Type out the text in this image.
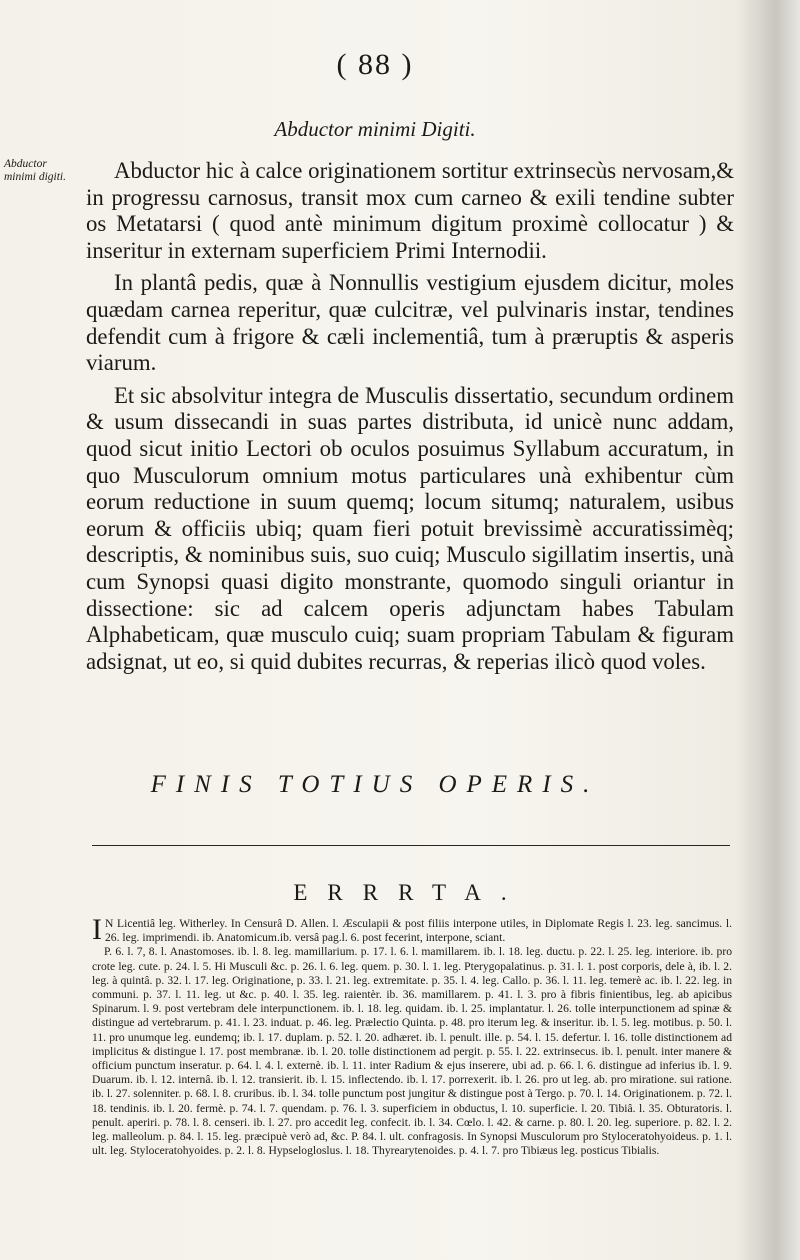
( 88 )
Abductor minimi Digiti.
Abductor minimi digiti.	Abductor hic à calce originationem sortitur extrinsecùs nervosam,& in progressu carnosus, transit mox cum carneo & exili tendine subter os Metatarsi ( quod antè minimum digitum proximè collocatur ) & inseritur in externam superficiem Primi Internodii.

In plantâ pedis, quæ à Nonnullis vestigium ejusdem dicitur, moles quædam carnea reperitur, quæ culcitræ, vel pulvinaris instar, tendines defendit cum à frigore & cæli inclementiâ, tum à præruptis & asperis viarum.

Et sic absolvitur integra de Musculis dissertatio, secundum ordinem & usum dissecandi in suas partes distributa, id unicè nunc addam, quod sicut initio Lectori ob oculos posuimus Syllabum accuratum, in quo Musculorum omnium motus particulares unà exhibentur cùm eorum reductione in suum quemq; locum situmq; naturalem, usibus eorum & officiis ubiq; quam fieri potuit brevissimè accuratissimèq; descriptis, & nominibus suis, suo cuiq; Musculo sigillatim insertis, unà cum Synopsi quasi digito monstrante, quomodo singuli oriantur in dissectione: sic ad calcem operis adjunctam habes Tabulam Alphabeticam, quæ musculo cuiq; suam propriam Tabulam & figuram adsignat, ut eo, si quid dubites recurras, & reperias ilicò quod voles.

FINIS TOTIUS OPERIS.
ERRRTA.

IN Licentiâ leg. Witherley. In Censurâ D. Allen. l. Æsculapii & post filiis interpone utiles, in Diplomate Regis l. 23. leg. sancimus. l. 26. leg. imprimendi. ib. Anatomicum.ib. versâ pag.l. 6. post fecerint, interpone, sciant.

P. 6. l. 7, 8. l. Anastomoses. ib. l. 8. leg. mamillarium. p. 17. l. 6. l. mamillarem. ib. l. 18. leg. ductu. p. 22. l. 25. leg. interiore. ib. pro crote leg. cute. p. 24. l. 5. Hi Musculi &c. p. 26. l. 6. leg. quem. p. 30. l. 1. leg. Pterygopalatinus. p. 31. l. 1. post corporis, dele à, ib. l. 2. leg. à quintâ. p. 32. l. 17. leg. Originatione, p. 33. l. 21. leg. extremitate. p. 35. l. 4. leg. Callo. p. 36. l. 11. leg. temerè ac. ib. l. 22. leg. in communi. p. 37. l. 11. leg. ut &c. p. 40. l. 35. leg. raientèr. ib. 36. mamillarem. p. 41. l. 3. pro à fibris finientibus, leg. ab apicibus Spinarum. l. 9. post vertebram dele interpunctionem. ib. l. 18. leg. quidam. ib. l. 25. implantatur. l. 26. tolle interpunctionem ad spinæ & distingue ad vertebrarum. p. 41. l. 23. induat. p. 46. leg. Prælectio Quinta. p. 48. pro iterum leg. & inseritur. ib. l. 5. leg. motibus. p. 50. l. 11. pro unumque leg. eundemq; ib. l. 17. duplam. p. 52. l. 20. adhæret. ib. l. penult. ille. p. 54. l. 15. defertur. l. 16. tolle distinctionem ad implicitus & distingue l. 17. post membranæ. ib. l. 20. tolle distinctionem ad pergit. p. 55. l. 22. extrinsecus. ib. l. penult. inter manere & officium punctum inseratur. p. 64. l. 4. l. externè. ib. l. 11. inter Radium & ejus inserere, ubi ad. p. 66. l. 6. distingue ad inferius ib. l. 9. Duarum. ib. l. 12. internâ. ib. l. 12. transierit. ib. l. 15. inflectendo. ib. l. 17. porrexerit. ib. l. 26. pro ut leg. ab. pro miratione. sui ratione. ib. l. 27. solenniter. p. 68. l. 8. cruribus. ib. l. 34. tolle punctum post jungitur & distingue post à Tergo. p. 70. l. 14. Originationem. p. 72. l. 18. tendinis. ib. l. 20. fermè. p. 74. l. 7. quendam. p. 76. l. 3. superficiem in obductus, l. 10. superficie. l. 20. Tibiâ. l. 35. Obturatoris. l. penult. aperiri. p. 78. l. 8. censeri. ib. l. 27. pro accedit leg. confecit. ib. l. 34. Cœlo. l. 42. & carne. p. 80. l. 20. leg. superiore. p. 82. l. 2. leg. malleolum. p. 84. l. 15. leg. præcipuè verò ad, &c. P. 84. l. ult. confragosis. In Synopsi Musculorum pro Styloceratohyoideus. p. 1. l. ult. leg. Styloceratohyoides. p. 2. l. 8. Hypselogloslus. l. 18. Thyrearytenoides. p. 4. l. 7. pro Tibiæus leg. posticus Tibialis.
